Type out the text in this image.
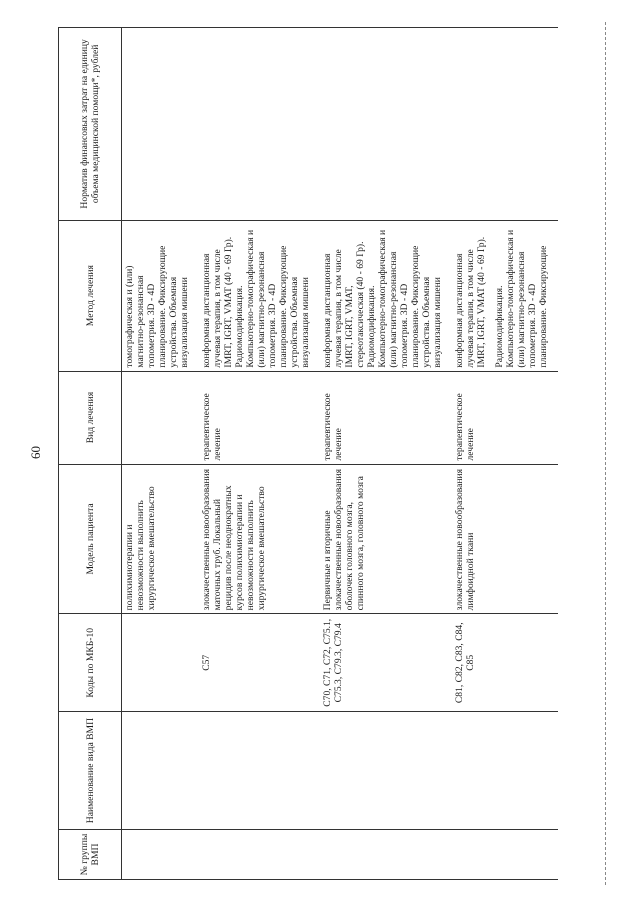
60
№ группы ВМП	Наименование вида ВМП	Коды по МКБ-10	Модель пациента	Вид лечения	Метод лечения	Норматив финансовых затрат на единицу объема медицинской помощи*, рублей
			полихимиотерапии и невозможности выполнить хирургическое вмешательство		томографическая и (или) магнитно-резонансная топометрия. 3D - 4D планирование. Фиксирующие устройства. Объемная визуализация мишени	

		C57	злокачественные новообразования маточных труб. Локальный рецидив после неоднократных курсов полихимиотерапии и невозможности выполнить хирургическое вмешательство	терапевтическое лечение	конформная дистанционная лучевая терапия, в том числе IMRT, IGRT, VMAT (40 - 69 Гр). Радиомодификация. Компьютерно-томографическая и (или) магнитно-резонансная топометрия. 3D - 4D планирование. Фиксирующие устройства. Объемная визуализация мишени	

		C70, C71, C72, C75.1, C75.3, C79.3, C79.4	Первичные и вторичные злокачественные новообразования оболочек головного мозга, спинного мозга, головного мозга	терапевтическое лечение	конформная дистанционная лучевая терапия, в том числе IMRT, IGRT, VMAT, стереотаксическая (40 - 69 Гр). Радиомодификация. Компьютерно-томографическая и (или) магнитно-резонансная топометрия. 3D - 4D планирование. Фиксирующие устройства. Объемная визуализация мишени	

		C81, C82, C83, C84, C85	злокачественные новообразования лимфоидной ткани	терапевтическое лечение	конформная дистанционная лучевая терапия, в том числе IMRT, IGRT, VMAT (40 - 69 Гр). Радиомодификация. Компьютерно-томографическая и (или) магнитно-резонансная топометрия. 3D - 4D планирование. Фиксирующие	
